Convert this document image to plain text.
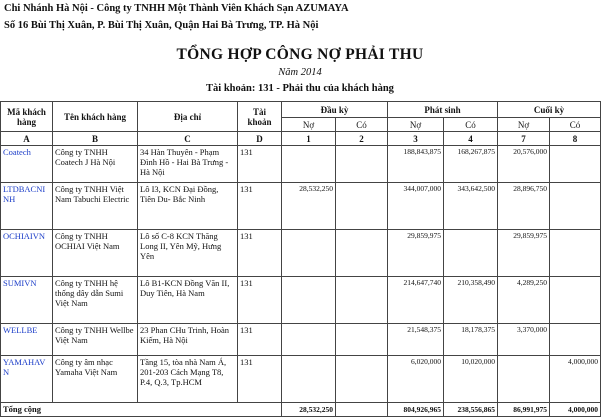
Chi Nhánh Hà Nội - Công ty TNHH Một Thành Viên Khách Sạn AZUMAYA
Số 16 Bùi Thị Xuân, P. Bùi Thị Xuân, Quận Hai Bà Trưng, TP. Hà Nội
TỔNG HỢP CÔNG NỢ PHẢI THU
Năm 2014
Tài khoản: 131 - Phải thu của khách hàng
Mã khách hàng	Tên khách hàng	Địa chỉ	Tài khoản	Đầu kỳ		Phát sinh		Cuối kỳ	
				Nợ	Có	Nợ	Có	Nợ	Có
A	B	C	D	1	2	3	4	7	8
Coatech	Công ty TNHH Coatech J Hà Nội	34 Hàn Thuyên - Phạm Đình Hồ - Hai Bà Trưng - Hà Nội	131			188,843,875	168,267,875	20,576,000	
LTDBACNINH	Công ty TNHH Việt Nam Tabuchi Electric	Lô I3, KCN Đại Đồng, Tiên Du- Bắc Ninh	131	28,532,250		344,007,000	343,642,500	28,896,750	
OCHIAIVN	Công ty TNHH OCHIAI Việt Nam	Lô số C-8 KCN Thăng Long II, Yên Mỹ, Hưng Yên	131			29,859,975		29,859,975	
SUMIVN	Công ty TNHH hệ thống dây dẫn Sumi Việt Nam	Lô B1-KCN Đồng Văn II, Duy Tiên, Hà Nam	131			214,647,740	210,358,490	4,289,250	
WELLBE	Công ty TNHH Wellbe Việt Nam	23 Phan CHu Trinh, Hoàn Kiếm, Hà Nội	131			21,548,375	18,178,375	3,370,000	
YAMAHAVN	Công ty âm nhạc Yamaha Việt Nam	Tầng 15, tòa nhà Nam Á, 201-203 Cách Mạng T8, P.4, Q.3, Tp.HCM	131			6,020,000	10,020,000		4,000,000
Tổng cộng				28,532,250		804,926,965	238,556,865	86,991,975	4,000,000
